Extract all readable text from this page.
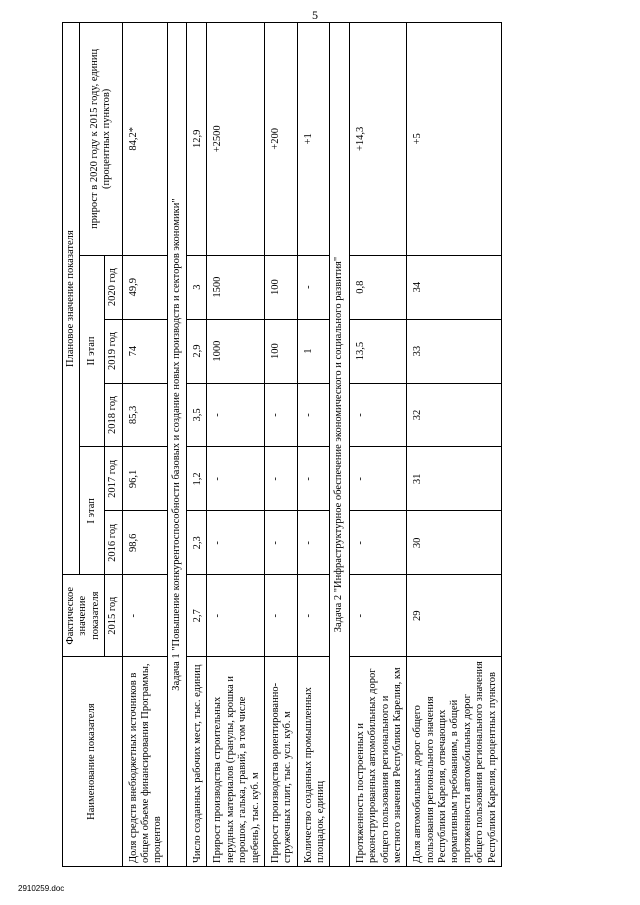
5
Наименование показателя	Фактическое значение показателя	Плановое значение показателя					
		I этап		II этап			прирост в 2020 году к 2015 году, единиц (процентных пунктов)
	2015 год	2016 год	2017 год	2018 год	2019 год	2020 год	
Доля средств внебюджетных источников в общем объеме финансирования Программы, процентов	-	98,6	96,1	85,3	74	49,9	84,2*
Задача 1 "Повышение конкурентоспособности базовых и создание новых производств и секторов экономики"							
Число созданных рабочих мест, тыс. единиц	2,7	2,3	1,2	3,5	2,9	3	12,9
Прирост производства строительных нерудных материалов (гранулы, крошка и порошок, галька, гравий, в том числе щебень), тыс. куб. м	-	-	-	-	1000	1500	+2500
Прирост производства ориентированно-стружечных плит, тыс. усл. куб. м	-	-	-	-	100	100	+200
Количество созданных промышленных площадок, единиц	-	-	-	-	1	-	+1
Задача 2 "Инфраструктурное обеспечение экономического и социального развития"							
Протяженность построенных и реконструированных автомобильных дорог общего пользования регионального и местного значения Республики Карелия, км	-	-	-	-	13,5	0,8	+14,3
Доля автомобильных дорог общего пользования регионального значения Республики Карелия, отвечающих нормативным требованиям, в общей протяженности автомобильных дорог общего пользования регионального значения Республики Карелия, процентных пунктов	29	30	31	32	33	34	+5
2910259.doc
